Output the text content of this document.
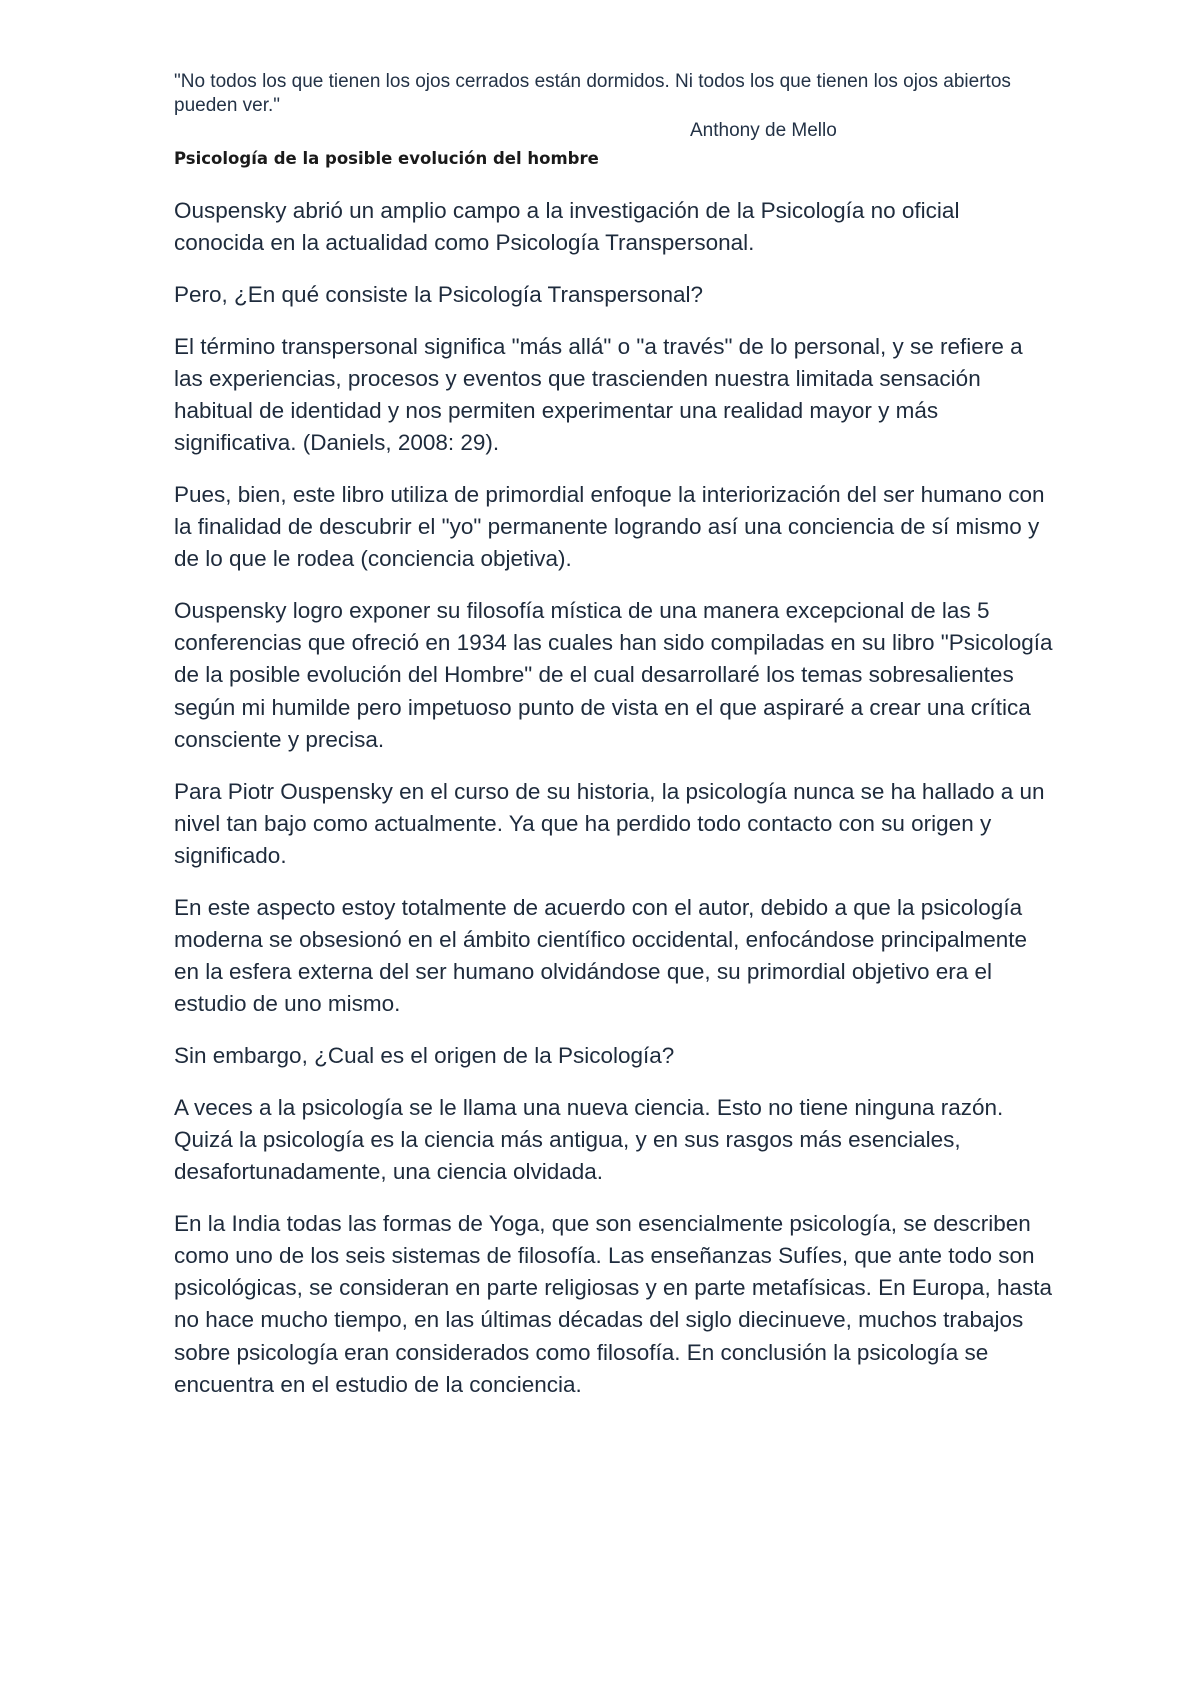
"No todos los que tienen los ojos cerrados están dormidos. Ni todos los que tienen los ojos abiertos pueden ver."
Anthony de Mello
Psicología de la posible evolución del hombre

Ouspensky abrió un amplio campo a la investigación de la Psicología no oficial conocida en la actualidad como Psicología Transpersonal.

Pero, ¿En qué consiste la Psicología Transpersonal?

El término transpersonal significa "más allá" o "a través" de lo personal, y se refiere a las experiencias, procesos y eventos que trascienden nuestra limitada sensación habitual de identidad y nos permiten experimentar una realidad mayor y más significativa. (Daniels, 2008: 29).

Pues, bien, este libro utiliza de primordial enfoque la interiorización del ser humano con la finalidad de descubrir el "yo" permanente logrando así una conciencia de sí mismo y de lo que le rodea (conciencia objetiva).

Ouspensky logro exponer su filosofía mística de una manera excepcional de las 5 conferencias que ofreció en 1934 las cuales han sido compiladas en su libro "Psicología de la posible evolución del Hombre" de el cual desarrollaré los temas sobresalientes según mi humilde pero impetuoso punto de vista en el que aspiraré a crear una crítica consciente y precisa.

Para Piotr Ouspensky en el curso de su historia, la psicología nunca se ha hallado a un nivel tan bajo como actualmente. Ya que ha perdido todo contacto con su origen y significado.

En este aspecto estoy totalmente de acuerdo con el autor, debido a que la psicología moderna se obsesionó en el ámbito científico occidental, enfocándose principalmente en la esfera externa del ser humano olvidándose que, su primordial objetivo era el estudio de uno mismo.

Sin embargo, ¿Cual es el origen de la Psicología?

A veces a la psicología se le llama una nueva ciencia. Esto no tiene ninguna razón. Quizá la psicología es la ciencia más antigua, y en sus rasgos más esenciales, desafortunadamente, una ciencia olvidada.

En la India todas las formas de Yoga, que son esencialmente psicología, se describen como uno de los seis sistemas de filosofía. Las enseñanzas Sufíes, que ante todo son psicológicas, se consideran en parte religiosas y en parte metafísicas. En Europa, hasta no hace mucho tiempo, en las últimas décadas del siglo diecinueve, muchos trabajos sobre psicología eran considerados como filosofía. En conclusión la psicología se encuentra en el estudio de la conciencia.
